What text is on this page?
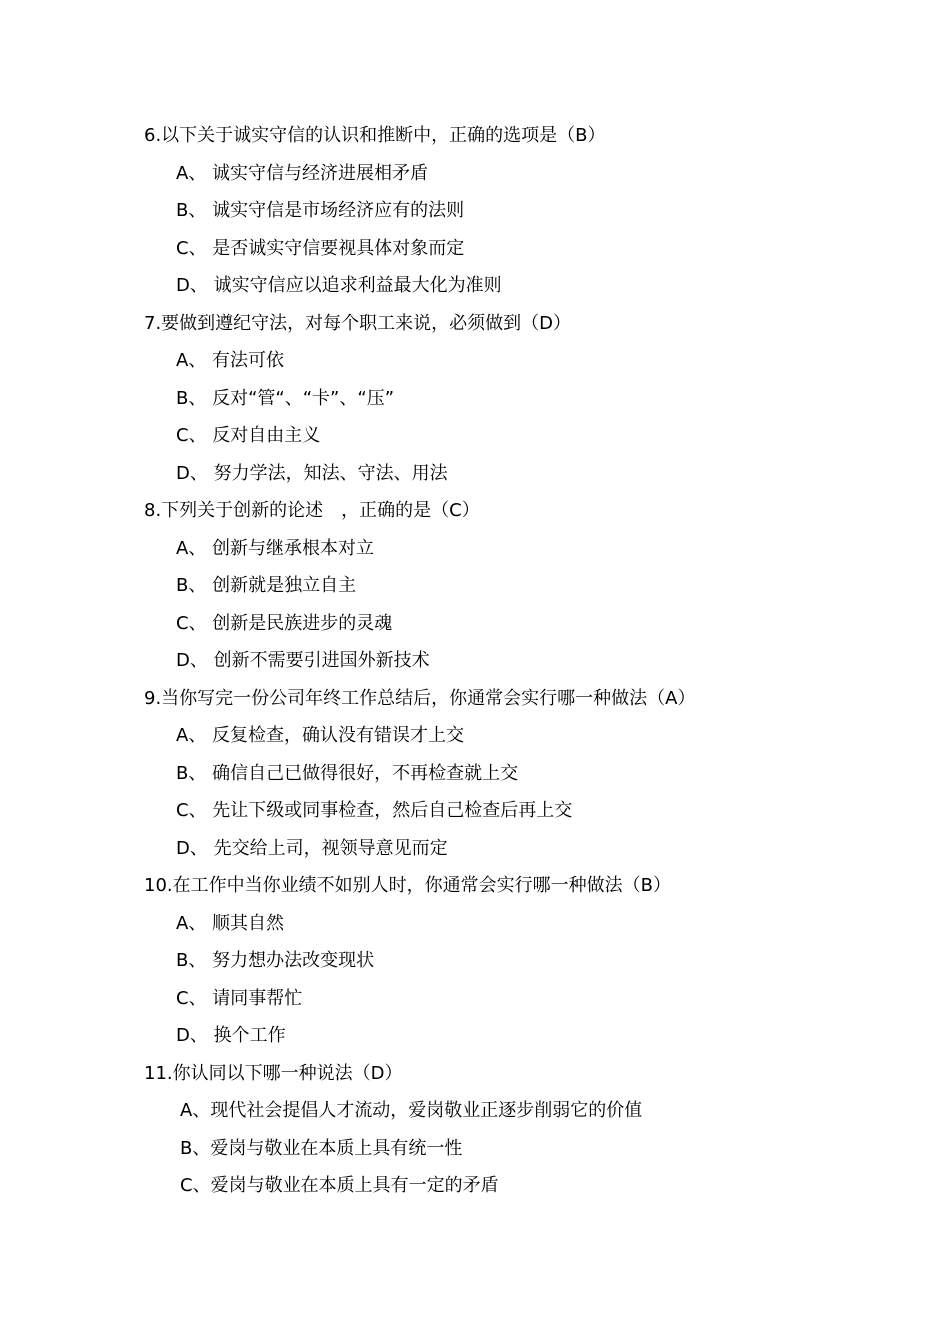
6.以下关于诚实守信的认识和推断中，正确的选项是（B）
A、 诚实守信与经济进展相矛盾
B、 诚实守信是市场经济应有的法则
C、 是否诚实守信要视具体对象而定
D、 诚实守信应以追求利益最大化为准则
7.要做到遵纪守法，对每个职工来说，必须做到（D）
A、 有法可依
B、 反对“管“、“卡”、“压”
C、 反对自由主义
D、 努力学法，知法、守法、用法
8.下列关于创新的论述　，正确的是（C）
A、 创新与继承根本对立
B、 创新就是独立自主
C、 创新是民族进步的灵魂
D、 创新不需要引进国外新技术
9.当你写完一份公司年终工作总结后，你通常会实行哪一种做法（A）
A、 反复检查，确认没有错误才上交
B、 确信自己已做得很好，不再检查就上交
C、 先让下级或同事检查，然后自己检查后再上交
D、 先交给上司，视领导意见而定
10.在工作中当你业绩不如别人时，你通常会实行哪一种做法（B）
A、 顺其自然
B、 努力想办法改变现状
C、 请同事帮忙
D、 换个工作
11.你认同以下哪一种说法（D）
A、现代社会提倡人才流动，爱岗敬业正逐步削弱它的价值
B、爱岗与敬业在本质上具有统一性
C、爱岗与敬业在本质上具有一定的矛盾
